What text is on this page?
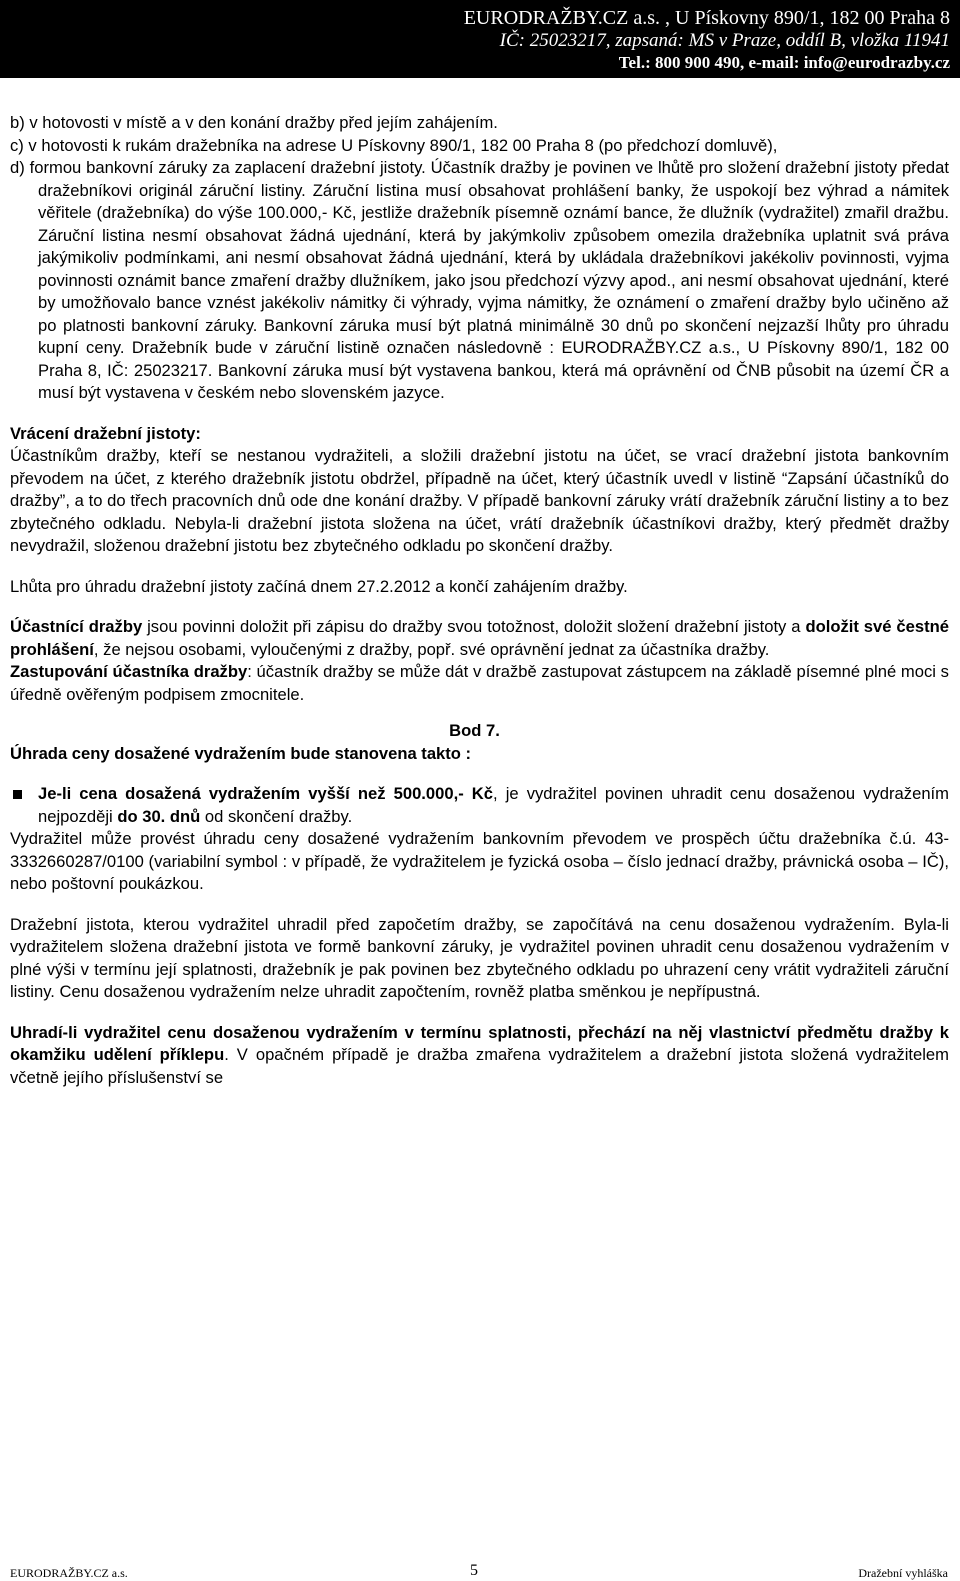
EURODRAŽBY.CZ a.s. , U Pískovny 890/1, 182 00 Praha 8
IČ: 25023217, zapsaná: MS v Praze, oddíl B, vložka 11941
Tel.: 800 900 490, e-mail: info@eurodrazby.cz

b) v hotovosti v místě a v den konání dražby před jejím zahájením.

c) v hotovosti k rukám dražebníka na adrese U Pískovny 890/1, 182 00 Praha 8 (po předchozí domluvě),

d) formou bankovní záruky za zaplacení dražební jistoty. Účastník dražby je povinen ve lhůtě pro složení dražební jistoty předat dražebníkovi originál záruční listiny. Záruční listina musí obsahovat prohlášení banky, že uspokojí bez výhrad a námitek věřitele (dražebníka) do výše 100.000,- Kč, jestliže dražebník písemně oznámí bance, že dlužník (vydražitel) zmařil dražbu. Záruční listina nesmí obsahovat žádná ujednání, která by jakýmkoliv způsobem omezila dražebníka uplatnit svá práva jakýmikoliv podmínkami, ani nesmí obsahovat žádná ujednání, která by ukládala dražebníkovi jakékoliv povinnosti, vyjma povinnosti oznámit bance zmaření dražby dlužníkem, jako jsou předchozí výzvy apod., ani nesmí obsahovat ujednání, které by umožňovalo bance vznést jakékoliv námitky či výhrady, vyjma námitky, že oznámení o zmaření dražby bylo učiněno až po platnosti bankovní záruky. Bankovní záruka musí být platná minimálně 30 dnů po skončení nejzazší lhůty pro úhradu kupní ceny. Dražebník bude v záruční listině označen následovně : EURODRAŽBY.CZ a.s., U Pískovny 890/1, 182 00 Praha 8, IČ: 25023217. Bankovní záruka musí být vystavena bankou, která má oprávnění od ČNB působit na území ČR a musí být vystavena v českém nebo slovenském jazyce.

Vrácení dražební jistoty:

Účastníkům dražby, kteří se nestanou vydražiteli, a složili dražební jistotu na účet, se vrací dražební jistota bankovním převodem na účet, z kterého dražebník jistotu obdržel, případně na účet, který účastník uvedl v listině “Zapsání účastníků do dražby”, a to do třech pracovních dnů ode dne konání dražby. V případě bankovní záruky vrátí dražebník záruční listiny a to bez zbytečného odkladu. Nebyla-li dražební jistota složena na účet, vrátí dražebník účastníkovi dražby, který předmět dražby nevydražil, složenou dražební jistotu bez zbytečného odkladu po skončení dražby.

Lhůta pro úhradu dražební jistoty začíná dnem 27.2.2012 a končí zahájením dražby.

Účastnící dražby jsou povinni doložit při zápisu do dražby svou totožnost, doložit složení dražební jistoty a doložit své čestné prohlášení, že nejsou osobami, vyloučenými z dražby, popř. své oprávnění jednat za účastníka dražby.

Zastupování účastníka dražby: účastník dražby se může dát v dražbě zastupovat zástupcem na základě písemné plné moci s úředně ověřeným podpisem zmocnitele.

Bod 7.

Úhrada ceny dosažené vydražením bude stanovena takto :

Je-li cena dosažená vydražením vyšší než 500.000,- Kč, je vydražitel povinen uhradit cenu dosaženou vydražením nejpozději do 30. dnů od skončení dražby.

Vydražitel může provést úhradu ceny dosažené vydražením bankovním převodem ve prospěch účtu dražebníka č.ú. 43-3332660287/0100 (variabilní symbol : v případě, že vydražitelem je fyzická osoba – číslo jednací dražby, právnická osoba – IČ), nebo poštovní poukázkou.

Dražební jistota, kterou vydražitel uhradil před započetím dražby, se započítává na cenu dosaženou vydražením. Byla-li vydražitelem složena dražební jistota ve formě bankovní záruky, je vydražitel povinen uhradit cenu dosaženou vydražením v plné výši v termínu její splatnosti, dražebník je pak povinen bez zbytečného odkladu po uhrazení ceny vrátit vydražiteli záruční listiny. Cenu dosaženou vydražením nelze uhradit započtením, rovněž platba směnkou je nepřípustná.

Uhradí-li vydražitel cenu dosaženou vydražením v termínu splatnosti, přechází na něj vlastnictví předmětu dražby k okamžiku udělení příklepu. V opačném případě je dražba zmařena vydražitelem a dražební jistota složená vydražitelem včetně jejího příslušenství se

EURODRAŽBY.CZ a.s.	5	Dražební vyhláška
